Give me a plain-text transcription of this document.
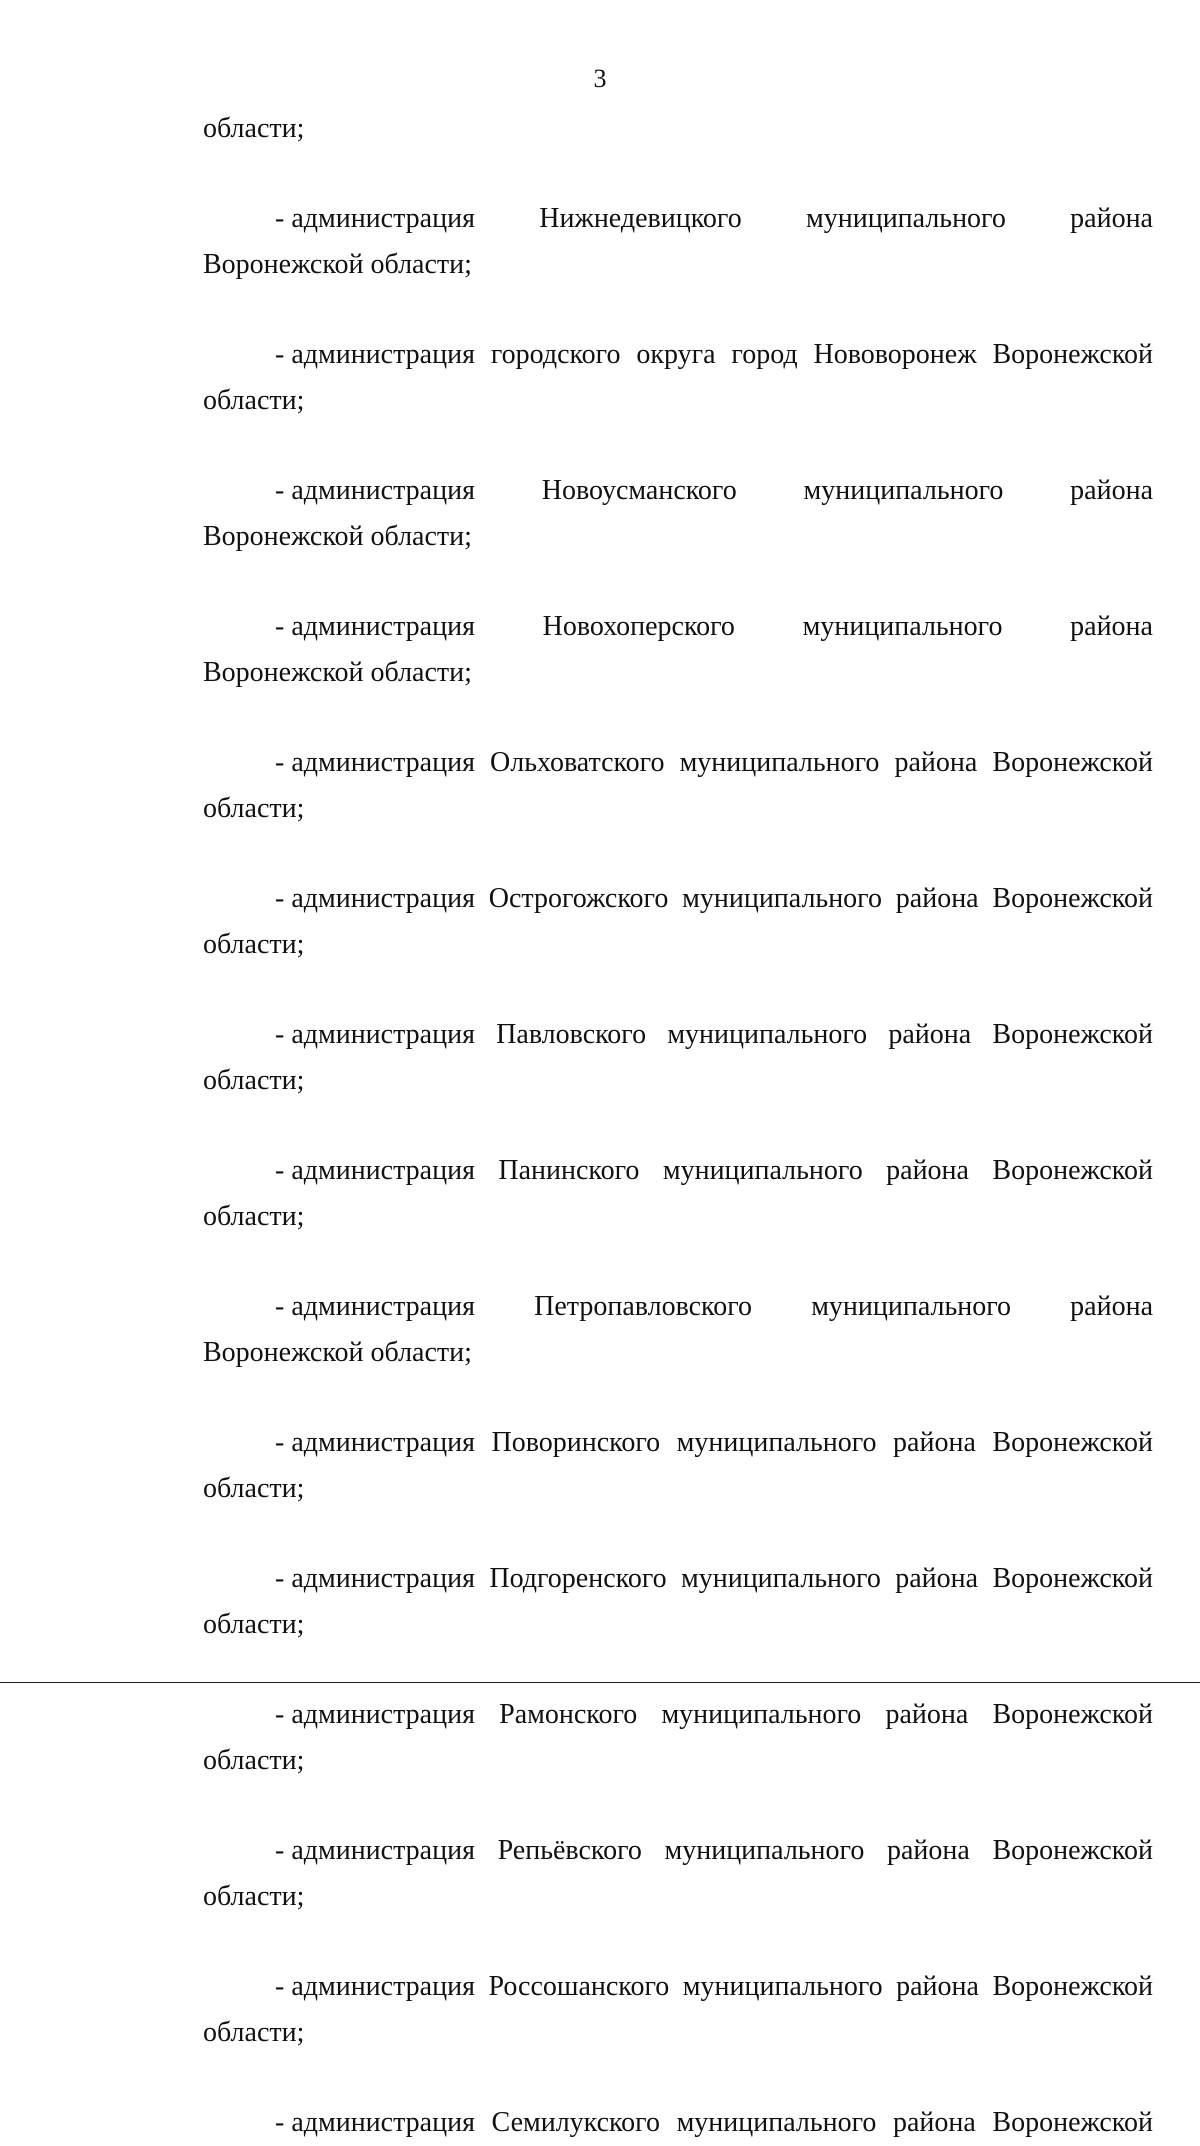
3
области;
- администрация Нижнедевицкого муниципального района
Воронежской области;
- администрация городского округа город Нововоронеж Воронежской
области;
- администрация Новоусманского муниципального района
Воронежской области;
- администрация Новохоперского муниципального района
Воронежской области;
- администрация Ольховатского муниципального района Воронежской
области;
- администрация Острогожского муниципального района Воронежской
области;
- администрация Павловского муниципального района Воронежской
области;
- администрация Панинского муниципального района Воронежской
области;
- администрация Петропавловского муниципального района
Воронежской области;
- администрация Поворинского муниципального района Воронежской
области;
- администрация Подгоренского муниципального района Воронежской
области;
- администрация Рамонского муниципального района Воронежской
области;
- администрация Репьёвского муниципального района Воронежской
области;
- администрация Россошанского муниципального района Воронежской
области;
- администрация Семилукского муниципального района Воронежской
